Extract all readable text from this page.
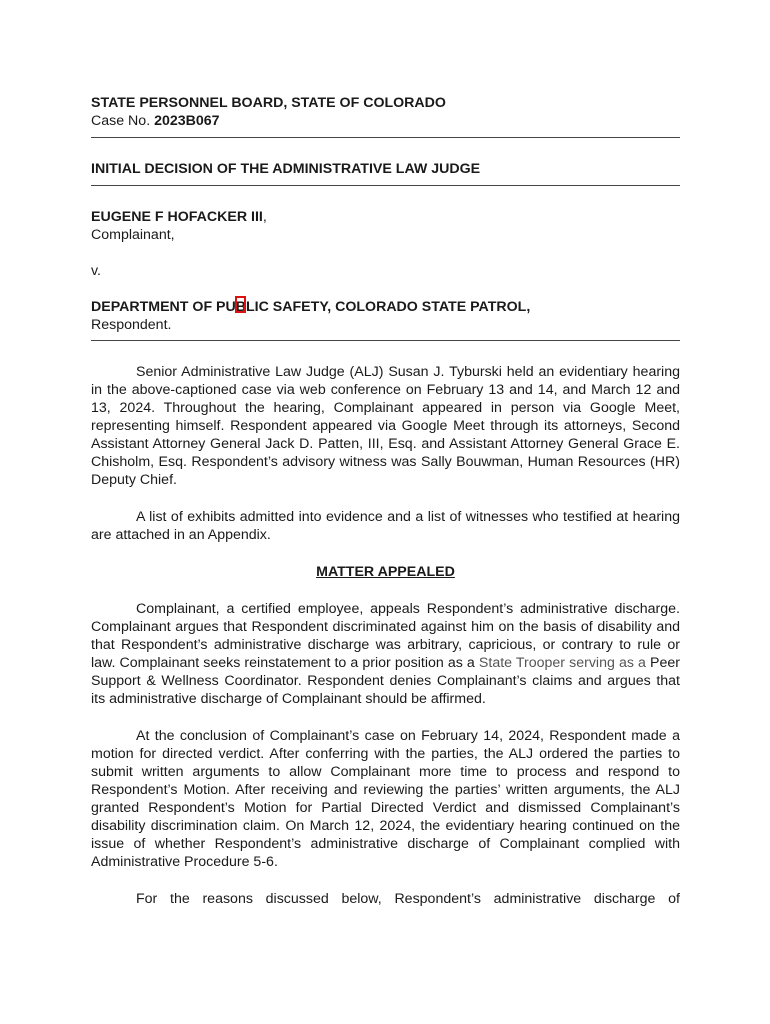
STATE PERSONNEL BOARD, STATE OF COLORADO
Case No. 2023B067
INITIAL DECISION OF THE ADMINISTRATIVE LAW JUDGE
EUGENE F HOFACKER III,
Complainant,
v.
DEPARTMENT OF PUB
LIC SAFETY, COLORADO STATE PATROL,
Respondent.

Senior Administrative Law Judge (ALJ) Susan J. Tyburski held an evidentiary hearing in the above-captioned case via web conference on February 13 and 14, and March 12 and 13, 2024. Throughout the hearing, Complainant appeared in person via Google Meet, representing himself. Respondent appeared via Google Meet through its attorneys, Second Assistant Attorney General Jack D. Patten, III, Esq. and Assistant Attorney General Grace E. Chisholm, Esq. Respondent’s advisory witness was Sally Bouwman, Human Resources (HR) Deputy Chief.

A list of exhibits admitted into evidence and a list of witnesses who testified at hearing are attached in an Appendix.

MATTER APPEALED

Complainant, a certified employee, appeals Respondent’s administrative discharge. Complainant argues that Respondent discriminated against him on the basis of disability and that Respondent’s administrative discharge was arbitrary, capricious, or contrary to rule or law. Complainant seeks reinstatement to a prior position as a State Trooper serving as a Peer Support & Wellness Coordinator. Respondent denies Complainant’s claims and argues that its administrative discharge of Complainant should be affirmed.

At the conclusion of Complainant’s case on February 14, 2024, Respondent made a motion for directed verdict. After conferring with the parties, the ALJ ordered the parties to submit written arguments to allow Complainant more time to process and respond to Respondent’s Motion. After receiving and reviewing the parties’ written arguments, the ALJ granted Respondent’s Motion for Partial Directed Verdict and dismissed Complainant’s disability discrimination claim. On March 12, 2024, the evidentiary hearing continued on the issue of whether Respondent’s administrative discharge of Complainant complied with Administrative Procedure 5-6.

For the reasons discussed below, Respondent’s administrative discharge of
